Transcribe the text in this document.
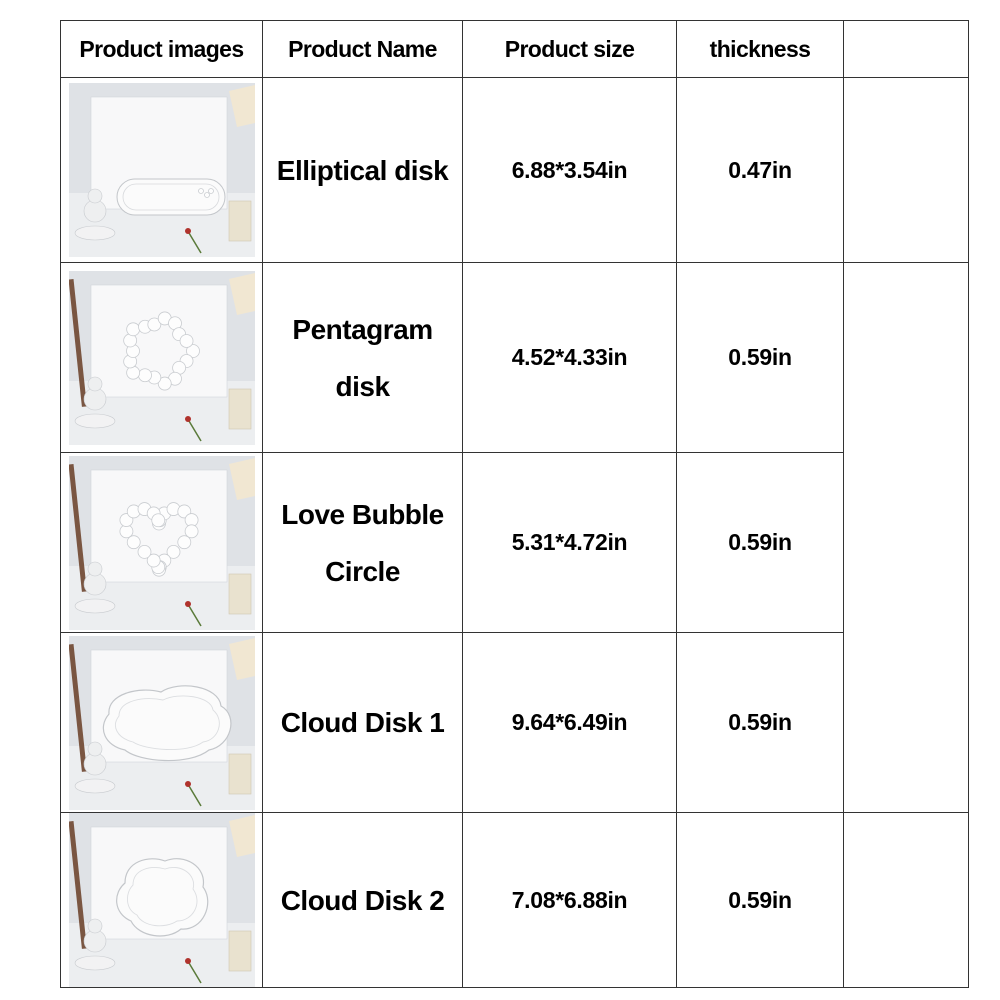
Product images	Product Name	Product size	thickness	

Elliptical disk	6.88*3.54in	0.47in	

Pentagram
disk	4.52*4.33in	0.59in	

Love Bubble
Circle	5.31*4.72in	0.59in	

Cloud Disk 1	9.64*6.49in	0.59in	

Cloud Disk 2	7.08*6.88in	0.59in	
